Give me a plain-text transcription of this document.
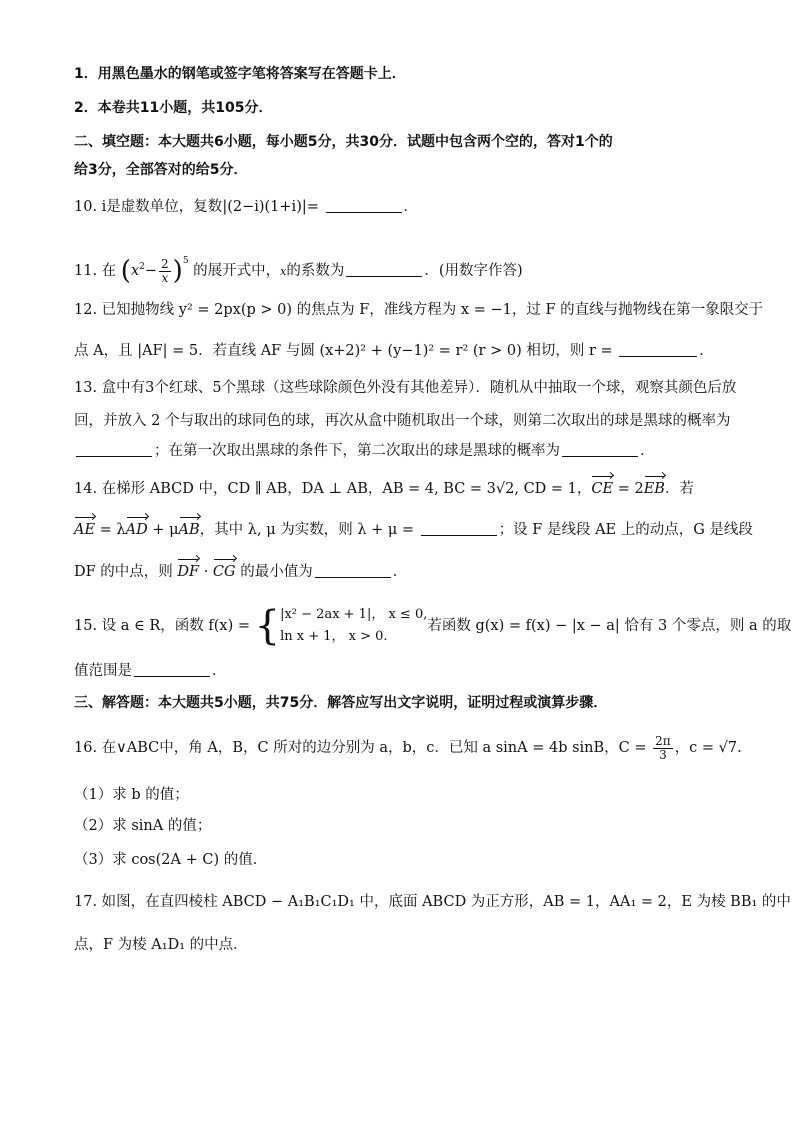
1．用黑色墨水的钢笔或签字笔将答案写在答题卡上．
2．本卷共11小题，共105分．
二、填空题：本大题共6小题，每小题5分，共30分．试题中包含两个空的，答对1个的
给3分，全部答对的给5分．
10. i是虚数单位，复数|(2−i)(1+i)|=	．
11. 在 $(x^2- \frac{2}{x} )^5$ 的展开式中，x的系数为	．(用数字作答)
12. 已知抛物线 y² = 2px(p > 0) 的焦点为 F，准线方程为 x = −1，过 F 的直线与抛物线在第一象限交于
点 A，且 |AF| = 5．若直线 AF 与圆 (x+2)² + (y−1)² = r² (r > 0) 相切，则 r =	．
13. 盒中有3个红球、5个黑球（这些球除颜色外没有其他差异）．随机从中抽取一个球，观察其颜色后放
回，并放入 2 个与取出的球同色的球，再次从盒中随机取出一个球，则第二次取出的球是黑球的概率为
；在第一次取出黑球的条件下，第二次取出的球是黑球的概率为	．
14. 在梯形 ABCD 中，CD ∥ AB，DA ⊥ AB，AB = 4, BC = 3√2, CD = 1，CE = 2EB．若
AE = λAD + μAB，其中 λ, μ 为实数，则 λ + μ =	；设 F 是线段 AE 上的动点，G 是线段
DF 的中点，则 DF · CG 的最小值为	．
15. 设 a ∈ R，函数 f(x) = { |x² − 2ax + 1|， x ≤ 0,
ln x + 1， x > 0.
若函数 g(x) = f(x) − |x − a| 恰有 3 个零点，则 a 的取
值范围是	．
三、解答题：本大题共5小题，共75分．解答应写出文字说明，证明过程或演算步骤．
16. 在∨ABC中，角 A，B，C 所对的边分别为 a，b，c．已知 a sinA = 4b sinB，$C = \frac{2\pi}{3}$ ，c = √7.
（1）求 b 的值；
（2）求 sinA 的值；
（3）求 cos(2A + C) 的值．
17. 如图，在直四棱柱 ABCD − A₁B₁C₁D₁ 中，底面 ABCD 为正方形，AB = 1，AA₁ = 2，E 为棱 BB₁ 的中
点，F 为棱 A₁D₁ 的中点．
